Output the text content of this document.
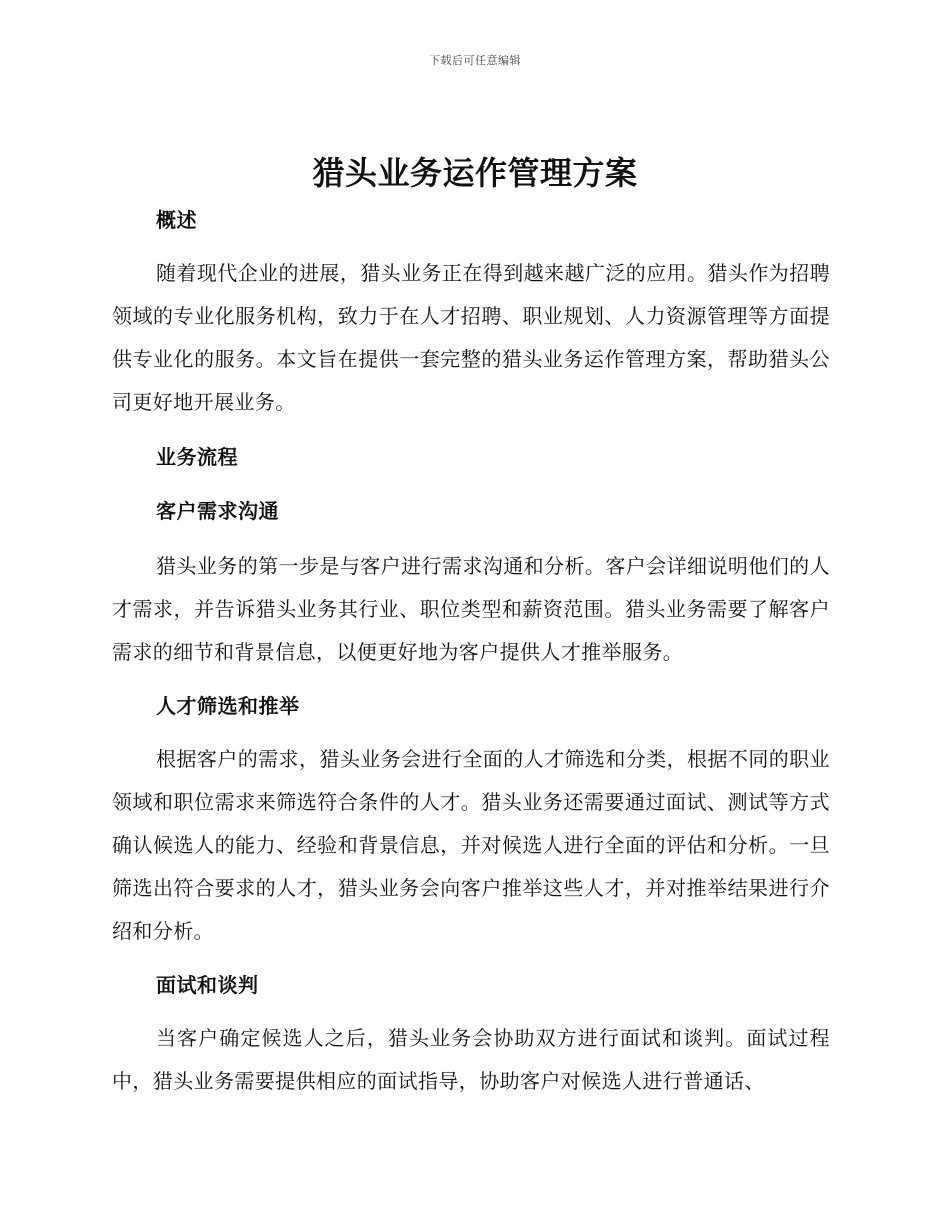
下载后可任意编辑
猎头业务运作管理方案
概述

随着现代企业的进展，猎头业务正在得到越来越广泛的应用。猎头作为招聘领域的专业化服务机构，致力于在人才招聘、职业规划、人力资源管理等方面提供专业化的服务。本文旨在提供一套完整的猎头业务运作管理方案，帮助猎头公司更好地开展业务。

业务流程
客户需求沟通

猎头业务的第一步是与客户进行需求沟通和分析。客户会详细说明他们的人才需求，并告诉猎头业务其行业、职位类型和薪资范围。猎头业务需要了解客户需求的细节和背景信息，以便更好地为客户提供人才推举服务。

人才筛选和推举

根据客户的需求，猎头业务会进行全面的人才筛选和分类，根据不同的职业领域和职位需求来筛选符合条件的人才。猎头业务还需要通过面试、测试等方式确认候选人的能力、经验和背景信息，并对候选人进行全面的评估和分析。一旦筛选出符合要求的人才，猎头业务会向客户推举这些人才，并对推举结果进行介绍和分析。

面试和谈判

当客户确定候选人之后，猎头业务会协助双方进行面试和谈判。面试过程中，猎头业务需要提供相应的面试指导，协助客户对候选人进行普通话、
